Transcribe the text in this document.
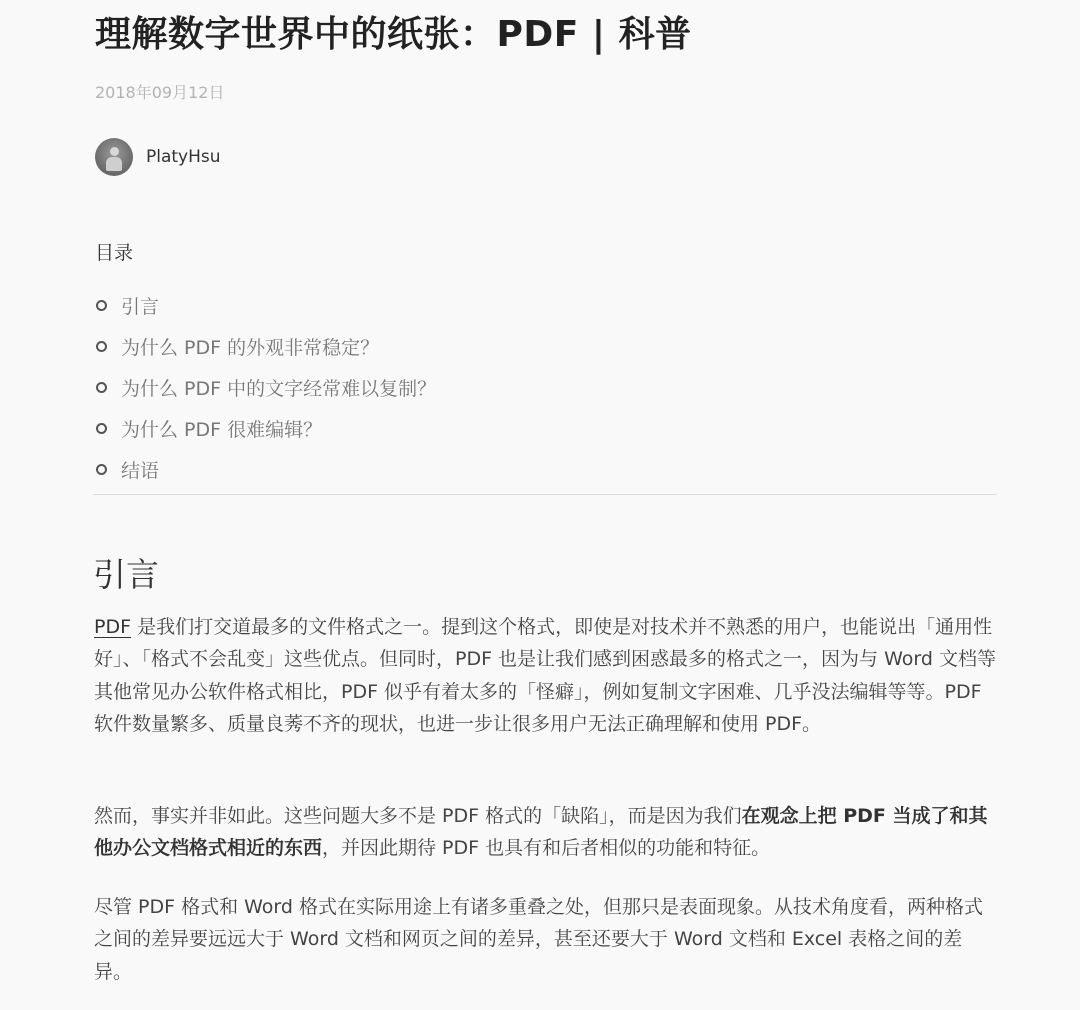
理解数字世界中的纸张：PDF | 科普
2018年09月12日
PlatyHsu
目录
引言
为什么 PDF 的外观非常稳定？
为什么 PDF 中的文字经常难以复制？
为什么 PDF 很难编辑？
结语
引言

PDF 是我们打交道最多的文件格式之一。提到这个格式，即使是对技术并不熟悉的用户，也能说出「通用性好」、「格式不会乱变」这些优点。但同时，PDF 也是让我们感到困惑最多的格式之一，因为与 Word 文档等其他常见办公软件格式相比，PDF 似乎有着太多的「怪癖」，例如复制文字困难、几乎没法编辑等等。PDF 软件数量繁多、质量良莠不齐的现状，也进一步让很多用户无法正确理解和使用 PDF。

然而，事实并非如此。这些问题大多不是 PDF 格式的「缺陷」，而是因为我们在观念上把 PDF 当成了和其他办公文档格式相近的东西，并因此期待 PDF 也具有和后者相似的功能和特征。

尽管 PDF 格式和 Word 格式在实际用途上有诸多重叠之处，但那只是表面现象。从技术角度看，两种格式之间的差异要远远大于 Word 文档和网页之间的差异，甚至还要大于 Word 文档和 Excel 表格之间的差异。
